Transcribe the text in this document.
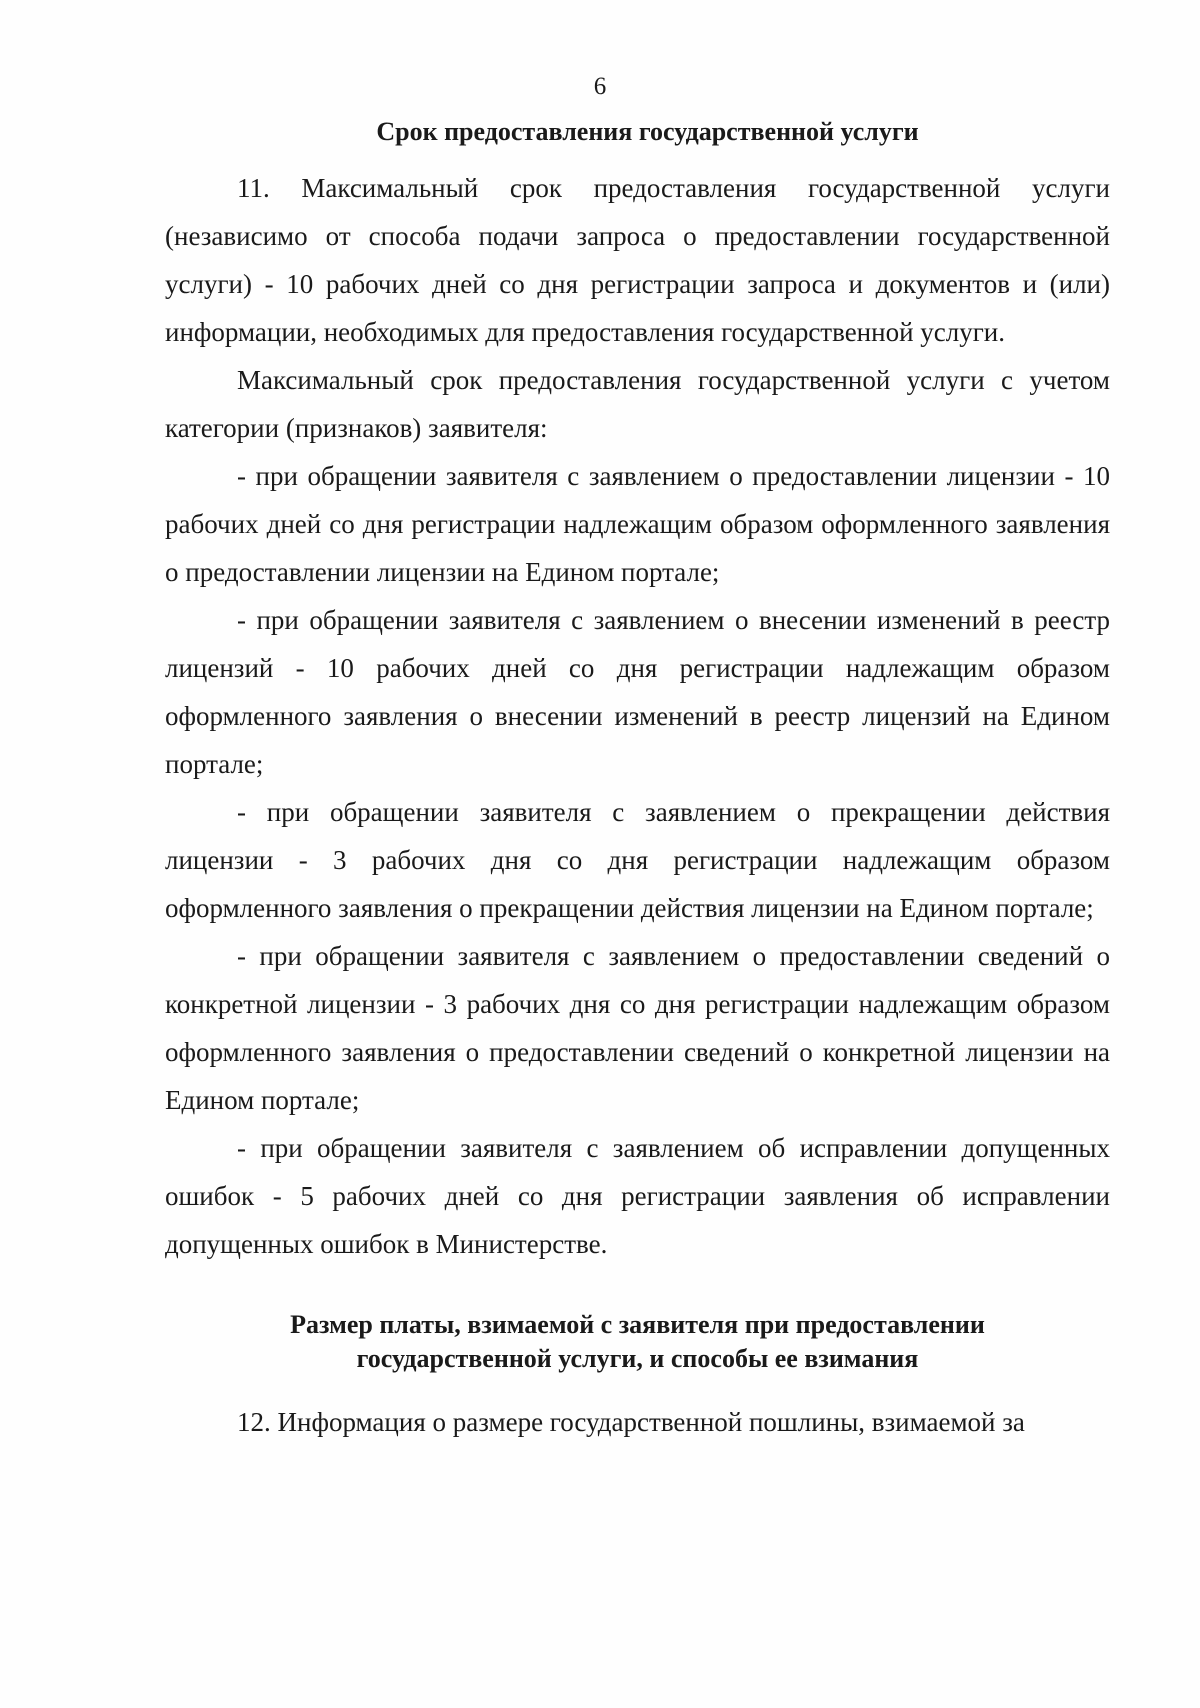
6
Срок предоставления государственной услуги

11. Максимальный срок предоставления государственной услуги (независимо от способа подачи запроса о предоставлении государственной услуги) - 10 рабочих дней со дня регистрации запроса и документов и (или) информации, необходимых для предоставления государственной услуги.

Максимальный срок предоставления государственной услуги с учетом категории (признаков) заявителя:

- при обращении заявителя с заявлением о предоставлении лицензии - 10 рабочих дней со дня регистрации надлежащим образом оформленного заявления о предоставлении лицензии на Едином портале;

- при обращении заявителя с заявлением о внесении изменений в реестр лицензий - 10 рабочих дней со дня регистрации надлежащим образом оформленного заявления о внесении изменений в реестр лицензий на Едином портале;

- при обращении заявителя с заявлением о прекращении действия лицензии - 3 рабочих дня со дня регистрации надлежащим образом оформленного заявления о прекращении действия лицензии на Едином портале;

- при обращении заявителя с заявлением о предоставлении сведений о конкретной лицензии - 3 рабочих дня со дня регистрации надлежащим образом оформленного заявления о предоставлении сведений о конкретной лицензии на Едином портале;

- при обращении заявителя с заявлением об исправлении допущенных ошибок - 5 рабочих дней со дня регистрации заявления об исправлении допущенных ошибок в Министерстве.

Размер платы, взимаемой с заявителя при предоставлении
государственной услуги, и способы ее взимания

12. Информация о размере государственной пошлины, взимаемой за
